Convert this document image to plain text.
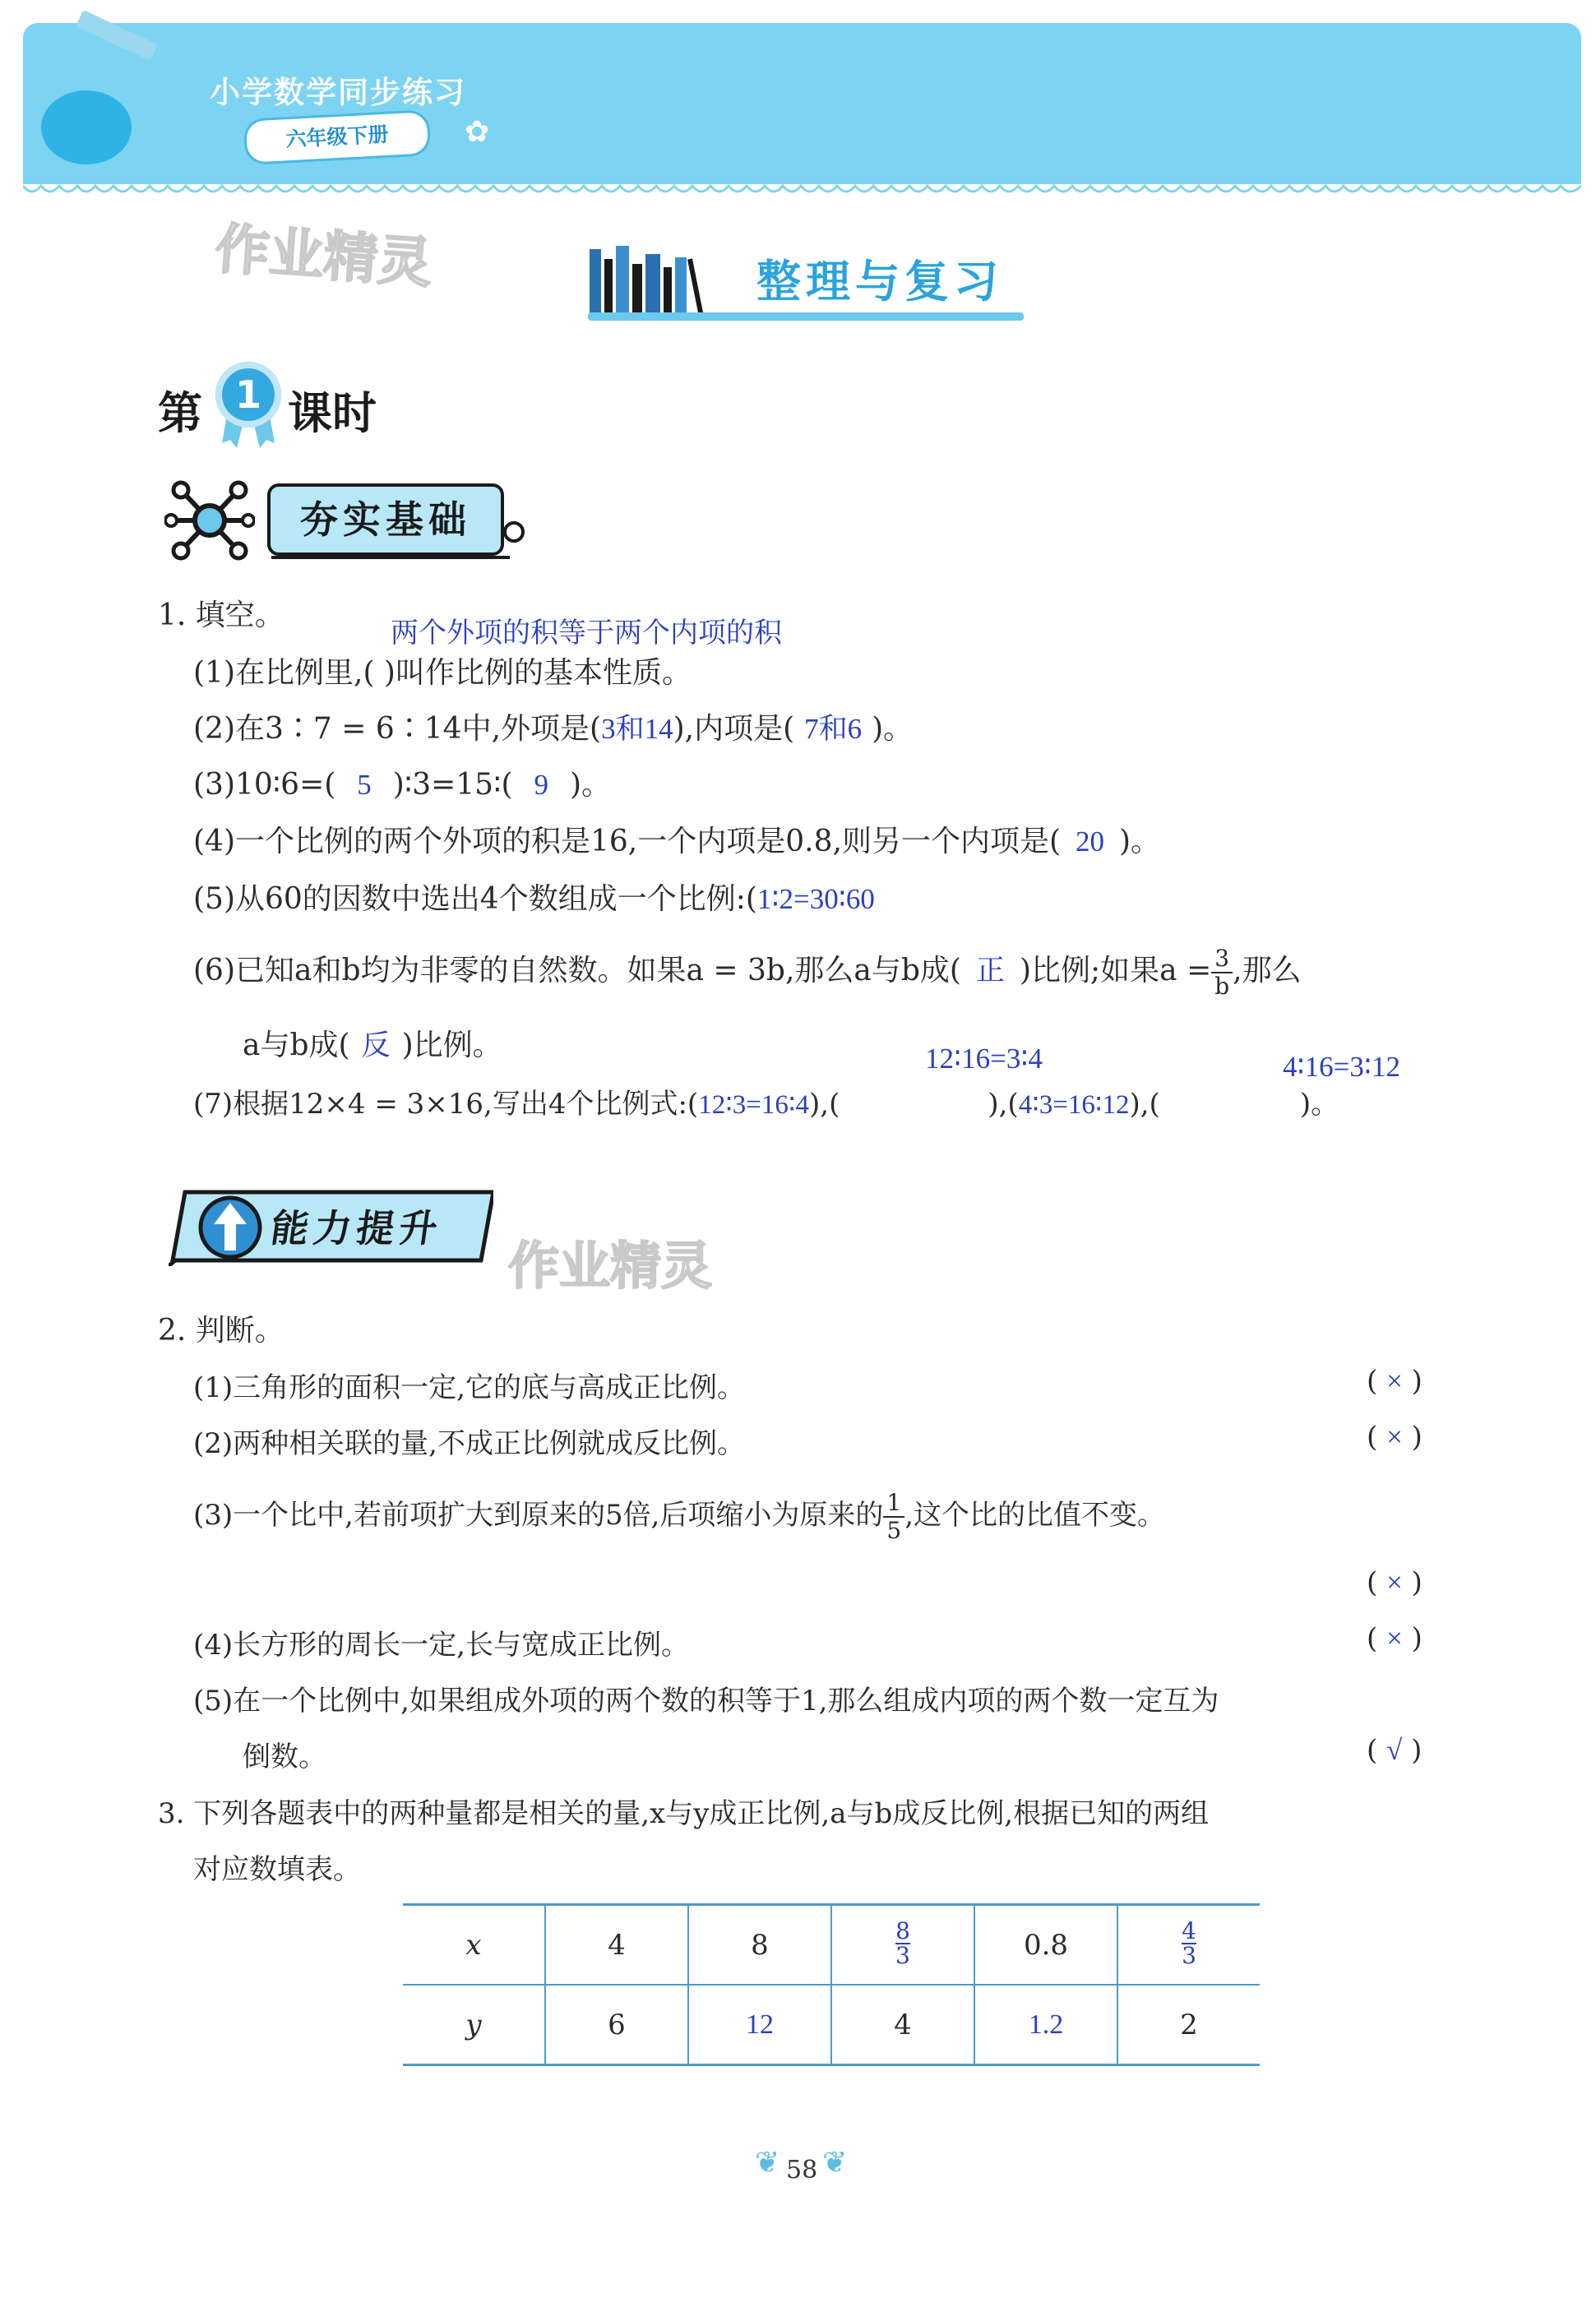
小学数学同步练习
六年级下册	✿
作业精灵
作业精灵
整理与复习
第 1 课时
夯实基础
1. 填空。
两个外项的积等于两个内项的积
(1)在比例里,( )叫作比例的基本性质。
(2)在3∶7 = 6∶14中,外项是(3和14),内项是( 7和6 )。
(3)10∶6=( 5 )∶3=15∶( 9 )。
(4)一个比例的两个外项的积是16,一个内项是0.8,则另一个内项是( 20 )。
(5)从60的因数中选出4个数组成一个比例:(1∶2=30∶60
(6)已知a和b均为非零的自然数。如果a = 3b,那么a与b成( 正 )比例;如果$a = \frac{3}{b}$ ,那么
a与b成( 反 )比例。	12∶16=3∶4	4∶16=3∶12
(7)根据12×4 = 3×16,写出4个比例式:(12∶3=16∶4),(	),(4∶3=16∶12),(	)。
能力提升
2. 判断。
(1)三角形的面积一定,它的底与高成正比例。	( × )
(2)两种相关联的量,不成正比例就成反比例。	( × )
(3)一个比中,若前项扩大到原来的5倍,后项缩小为原来的 $\frac{1}{5}$ ,这个比的比值不变。
( × )
(4)长方形的周长一定,长与宽成正比例。	( × )
(5)在一个比例中,如果组成外项的两个数的积等于1,那么组成内项的两个数一定互为
倒数。	( √ )
3. 下列各题表中的两种量都是相关的量,x与y成正比例,a与b成反比例,根据已知的两组
对应数填表。
x	4	8	$\frac{8}{3}$	0.8	$\frac{4}{3}$
y	6	12	4	1.2	2
❦ 58 ❦
